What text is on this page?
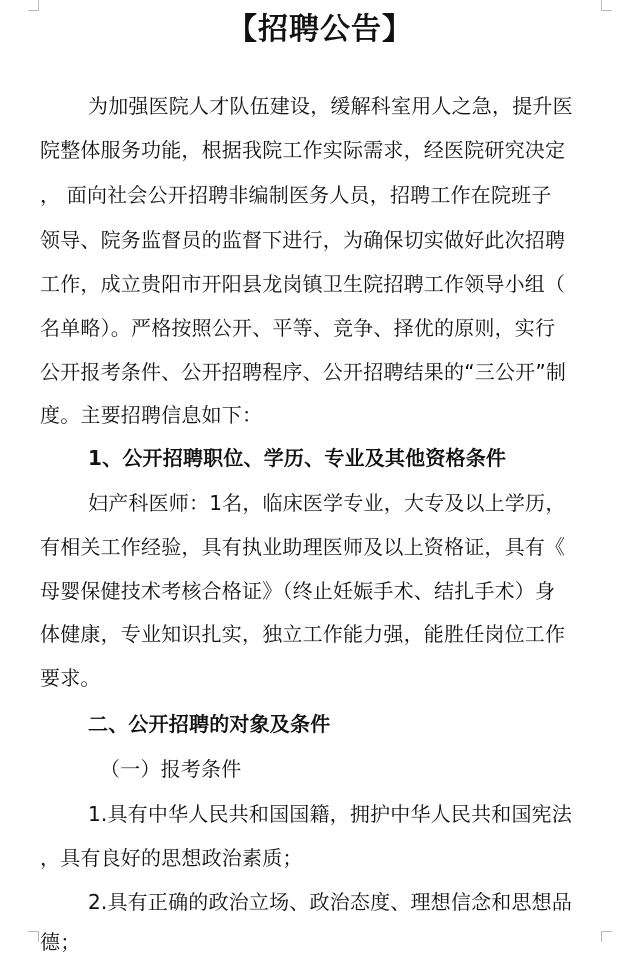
【招聘公告】
为加强医院人才队伍建设，缓解科室用人之急，提升医
院整体服务功能，根据我院工作实际需求，经医院研究决定
， 面向社会公开招聘非编制医务人员，招聘工作在院班子
领导、院务监督员的监督下进行，为确保切实做好此次招聘
工作，成立贵阳市开阳县龙岗镇卫生院招聘工作领导小组（
名单略）。严格按照公开、平等、竞争、择优的原则，实行
公开报考条件、公开招聘程序、公开招聘结果的“三公开”制
度。主要招聘信息如下：
1、公开招聘职位、学历、专业及其他资格条件
妇产科医师：1名，临床医学专业，大专及以上学历，
有相关工作经验，具有执业助理医师及以上资格证，具有《
母婴保健技术考核合格证》（终止妊娠手术、结扎手术）身
体健康，专业知识扎实，独立工作能力强，能胜任岗位工作
要求。
二、公开招聘的对象及条件
（一）报考条件
1.具有中华人民共和国国籍，拥护中华人民共和国宪法
，具有良好的思想政治素质；
2.具有正确的政治立场、政治态度、理想信念和思想品
德；
